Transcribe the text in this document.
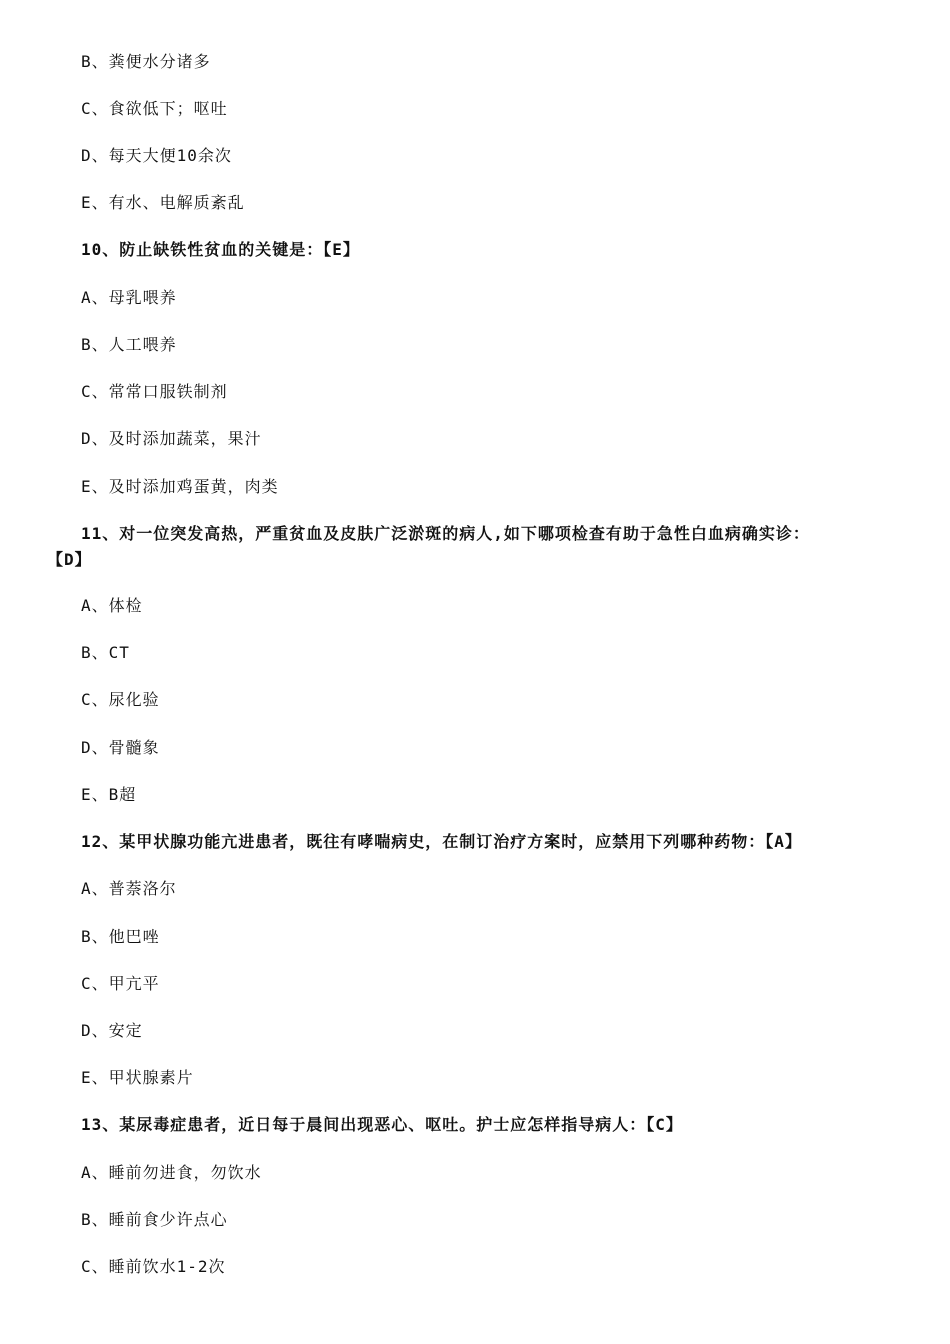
B、粪便水分诸多
C、食欲低下；呕吐
D、每天大便10余次
E、有水、电解质紊乱
10、防止缺铁性贫血的关键是：【E】
A、母乳喂养
B、人工喂养
C、常常口服铁制剂
D、及时添加蔬菜，果汁
E、及时添加鸡蛋黄，肉类
11、对一位突发高热，严重贫血及皮肤广泛淤斑的病人,如下哪项检查有助于急性白血病确实诊：
【D】
A、体检
B、CT
C、尿化验
D、骨髓象
E、B超
12、某甲状腺功能亢进患者，既往有哮喘病史，在制订治疗方案时，应禁用下列哪种药物：【A】
A、普萘洛尔
B、他巴唑
C、甲亢平
D、安定
E、甲状腺素片
13、某尿毒症患者，近日每于晨间出现恶心、呕吐。护士应怎样指导病人：【C】
A、睡前勿进食，勿饮水
B、睡前食少许点心
C、睡前饮水1-2次
